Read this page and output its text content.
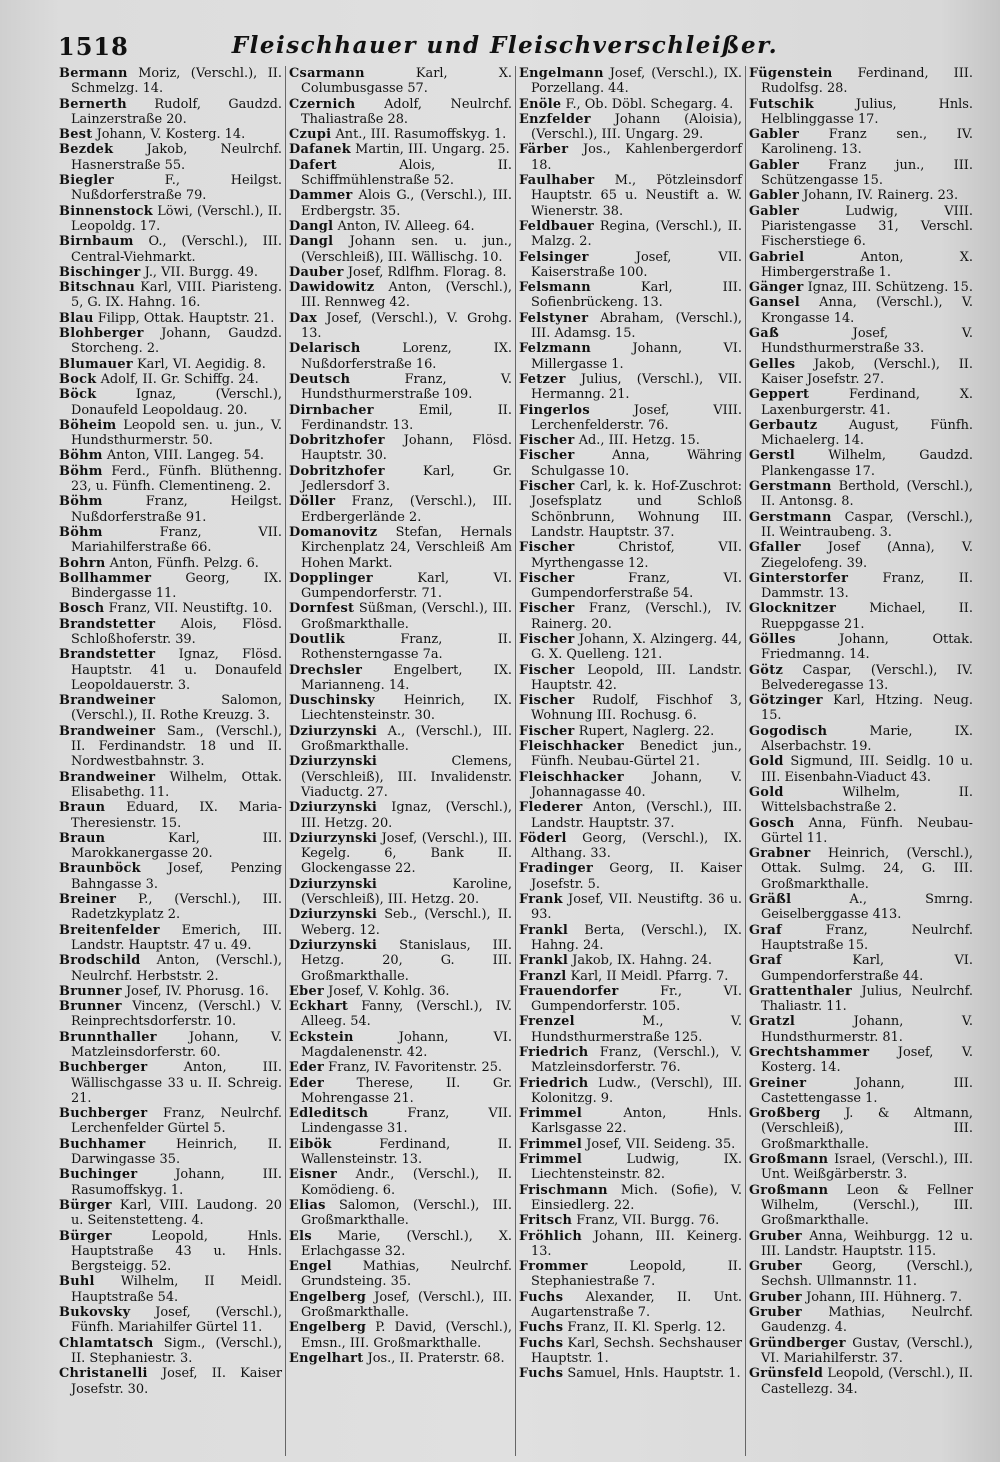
1518	Fleischhauer und Fleischverschleißer.

Bermann Moriz, (Verschl.), II. Schmelzg. 14.

Bernerth Rudolf, Gaudzd. Lainzerstraße 20.

Best Johann, V. Kosterg. 14.

Bezdek	Jakob, Neulrchf. Hasnerstraße 55.

Biegler	F., Heilgst. Nußdorferstraße 79.

Binnenstock Löwi, (Verschl.), II. Leopoldg. 17.

Birnbaum O., (Verschl.), III. Central-Viehmarkt.

Bischinger J., VII. Burgg. 49.

Bitschnau Karl, VIII. Piaristeng. 5, G. IX. Hahng. 16.

Blau Filipp, Ottak. Hauptstr. 21.

Blohberger Johann, Gaudzd. Storcheng. 2.

Blumauer Karl, VI. Aegidig. 8.

Bock Adolf, II. Gr. Schiffg. 24.

Böck	Ignaz, (Verschl.), Donaufeld Leopoldaug. 20.

Böheim Leopold sen. u. jun., V. Hundsthurmerstr. 50.

Böhm Anton, VIII. Langeg. 54.

Böhm Ferd., Fünfh. Blüthenng. 23, u. Fünfh. Clementineng. 2.

Böhm	Franz, Heilgst. Nußdorferstraße 91.

Böhm	Franz, VII. Mariahilferstraße 66.

Bohrn Anton, Fünfh. Pelzg. 6.

Bollhammer	Georg, IX. Bindergasse 11.

Bosch Franz, VII. Neustiftg. 10.

Brandstetter Alois, Flösd. Schloßhoferstr. 39.

Brandstetter Ignaz, Flösd. Hauptstr. 41 u. Donaufeld Leopoldauerstr. 3.

Brandweiner	Salomon, (Verschl.), II. Rothe Kreuzg. 3.

Brandweiner Sam., (Verschl.), II. Ferdinandstr. 18 und II. Nordwestbahnstr. 3.

Brandweiner Wilhelm, Ottak. Elisabethg. 11.

Braun Eduard, IX. Maria-Theresienstr. 15.

Braun	Karl, III. Marokkanergasse 20.

Braunböck Josef, Penzing Bahngasse 3.

Breiner P., (Verschl.), III. Radetzkyplatz 2.

Breitenfelder Emerich, III. Landstr. Hauptstr. 47 u. 49.

Brodschild Anton, (Verschl.), Neulrchf. Herbststr. 2.

Brunner Josef, IV. Phorusg. 16.

Brunner Vincenz, (Verschl.) V. Reinprechtsdorferstr. 10.

Brunnthaller Johann, V. Matzleinsdorferstr. 60.

Buchberger	Anton, III. Wällischgasse 33 u. II. Schreig. 21.

Buchberger Franz, Neulrchf. Lerchenfelder Gürtel 5.

Buchhamer Heinrich, II. Darwingasse 35.

Buchinger	Johann, III. Rasumoffskyg. 1.

Bürger Karl, VIII. Laudong. 20 u. Seitenstetteng. 4.

Bürger	Leopold, Hnls. Hauptstraße 43 u. Hnls. Bergsteigg. 52.

Buhl Wilhelm, II Meidl. Hauptstraße 54.

Bukovsky Josef, (Verschl.), Fünfh. Mariahilfer Gürtel 11.

Chlamtatsch Sigm., (Verschl.), II. Stephaniestr. 3.

Christanelli Josef, II. Kaiser Josefstr. 30.

Csarmann	Karl, X. Columbusgasse 57.

Czernich Adolf, Neulrchf. Thaliastraße 28.

Czupi Ant., III. Rasumoffskyg. 1.

Dafanek Martin, III. Ungarg. 25.

Dafert	Alois, II. Schiffmühlenstraße 52.

Dammer Alois G., (Verschl.), III. Erdbergstr. 35.

Dangl Anton, IV. Alleeg. 64.

Dangl Johann sen. u. jun., (Verschleiß), III. Wällischg. 10.

Dauber Josef, Rdlfhm. Florag. 8.

Dawidowitz Anton, (Verschl.), III. Rennweg 42.

Dax Josef, (Verschl.), V. Grohg. 13.

Delarisch	Lorenz, IX. Nußdorferstraße 16.

Deutsch	Franz, V. Hundsthurmerstraße 109.

Dirnbacher	Emil, II. Ferdinandstr. 13.

Dobritzhofer Johann, Flösd. Hauptstr. 30.

Dobritzhofer	Karl, Gr. Jedlersdorf 3.

Döller Franz, (Verschl.), III. Erdbergerlände 2.

Domanovitz Stefan, Hernals Kirchenplatz 24, Verschleiß Am Hohen Markt.

Dopplinger	Karl, VI. Gumpendorferstr. 71.

Dornfest Süßman, (Verschl.), III. Großmarkthalle.

Doutlik	Franz, II. Rothensterngasse 7a.

Drechsler Engelbert, IX. Marianneng. 14.

Duschinsky Heinrich, IX. Liechtensteinstr. 30.

Dziurzynski A., (Verschl.), III. Großmarkthalle.

Dziurzynski	Clemens, (Verschleiß), III. Invalidenstr. Viaductg. 27.

Dziurzynski Ignaz, (Verschl.), III. Hetzg. 20.

Dziurzynski Josef, (Verschl.), III. Kegelg. 6, Bank II. Glockengasse 22.

Dziurzynski	Karoline, (Verschleiß), III. Hetzg. 20.

Dziurzynski Seb., (Verschl.), II. Weberg. 12.

Dziurzynski Stanislaus, III. Hetzg. 20, G. III. Großmarkthalle.

Eber Josef, V. Kohlg. 36.

Eckhart Fanny, (Verschl.), IV. Alleeg. 54.

Eckstein	Johann, VI. Magdalenenstr. 42.

Eder Franz, IV. Favoritenstr. 25.

Eder	Therese, II. Gr. Mohrengasse 21.

Edleditsch	Franz, VII. Lindengasse 31.

Eibök	Ferdinand, II. Wallensteinstr. 13.

Eisner Andr., (Verschl.), II. Komödieng. 6.

Elias Salomon, (Verschl.), III. Großmarkthalle.

Els Marie, (Verschl.), X. Erlachgasse 32.

Engel Mathias, Neulrchf. Grundsteing. 35.

Engelberg Josef, (Verschl.), III. Großmarkthalle.

Engelberg P. David, (Verschl.), Emsn., III. Großmarkthalle.

Engelhart Jos., II. Praterstr. 68.

Engelmann Josef, (Verschl.), IX. Porzellang. 44.

Enöle F., Ob. Döbl. Schegarg. 4.

Enzfelder Johann (Aloisia), (Verschl.), III. Ungarg. 29.

Färber Jos., Kahlenbergerdorf 18.

Faulhaber M., Pötzleinsdorf Hauptstr. 65 u. Neustift a. W. Wienerstr. 38.

Feldbauer Regina, (Verschl.), II. Malzg. 2.

Felsinger	Josef, VII. Kaiserstraße 100.

Felsmann	Karl, III. Sofienbrückeng. 13.

Felstyner Abraham, (Verschl.), III. Adamsg. 15.

Felzmann	Johann, VI. Millergasse 1.

Fetzer Julius, (Verschl.), VII. Hermanng. 21.

Fingerlos	Josef, VIII. Lerchenfelderstr. 76.

Fischer Ad., III. Hetzg. 15.

Fischer	Anna, Währing Schulgasse 10.

Fischer Carl, k. k. Hof-Zuschrot: Josefsplatz und Schloß Schönbrunn, Wohnung III. Landstr. Hauptstr. 37.

Fischer	Christof, VII. Myrthengasse 12.

Fischer	Franz, VI. Gumpendorferstraße 54.

Fischer Franz, (Verschl.), IV. Rainerg. 20.

Fischer Johann, X. Alzingerg. 44, G. X. Quelleng. 121.

Fischer Leopold, III. Landstr. Hauptstr. 42.

Fischer Rudolf, Fischhof 3, Wohnung III. Rochusg. 6.

Fischer Rupert, Naglerg. 22.

Fleischhacker Benedict jun., Fünfh. Neubau-Gürtel 21.

Fleischhacker Johann, V. Johannagasse 40.

Flederer Anton, (Verschl.), III. Landstr. Hauptstr. 37.

Föderl Georg, (Verschl.), IX. Althang. 33.

Fradinger Georg, II. Kaiser Josefstr. 5.

Frank Josef, VII. Neustiftg. 36 u. 93.

Frankl Berta, (Verschl.), IX. Hahng. 24.

Frankl Jakob, IX. Hahng. 24.

Franzl Karl, II Meidl. Pfarrg. 7.

Frauendorfer	Fr., VI. Gumpendorferstr. 105.

Frenzel	M., V. Hundsthurmerstraße 125.

Friedrich Franz, (Verschl.), V. Matzleinsdorferstr. 76.

Friedrich Ludw., (Verschl), III. Kolonitzg. 9.

Frimmel	Anton, Hnls. Karlsgasse 22.

Frimmel Josef, VII. Seideng. 35.

Frimmel	Ludwig, IX. Liechtensteinstr. 82.

Frischmann Mich. (Sofie), V. Einsiedlerg. 22.

Fritsch Franz, VII. Burgg. 76.

Fröhlich Johann, III. Keinerg. 13.

Frommer	Leopold, II. Stephaniestraße 7.

Fuchs Alexander, II. Unt. Augartenstraße 7.

Fuchs Franz, II. Kl. Sperlg. 12.

Fuchs Karl, Sechsh. Sechshauser Hauptstr. 1.

Fuchs Samuel, Hnls. Hauptstr. 1.

Fügenstein Ferdinand, III. Rudolfsg. 28.

Futschik	Julius, Hnls. Helblinggasse 17.

Gabler Franz sen., IV. Karolineng. 13.

Gabler Franz jun., III. Schützengasse 15.

Gabler Johann, IV. Rainerg. 23.

Gabler	Ludwig, VIII. Piaristengasse 31, Verschl. Fischerstiege 6.

Gabriel	Anton, X. Himbergerstraße 1.

Gänger Ignaz, III. Schützeng. 15.

Gansel Anna, (Verschl.), V. Krongasse 14.

Gaß	Josef, V. Hundsthurmerstraße 33.

Gelles Jakob, (Verschl.), II. Kaiser Josefstr. 27.

Geppert	Ferdinand, X. Laxenburgerstr. 41.

Gerbautz August, Fünfh. Michaelerg. 14.

Gerstl	Wilhelm, Gaudzd. Plankengasse 17.

Gerstmann Berthold, (Verschl.), II. Antonsg. 8.

Gerstmann Caspar, (Verschl.), II. Weintraubeng. 3.

Gfaller Josef (Anna), V. Ziegelofeng. 39.

Ginterstorfer	Franz, II. Dammstr. 13.

Glocknitzer	Michael, II. Rueppgasse 21.

Gölles	Johann, Ottak. Friedmanng. 14.

Götz Caspar, (Verschl.), IV. Belvederegasse 13.

Götzinger Karl, Htzing. Neug. 15.

Gogodisch	Marie, IX. Alserbachstr. 19.

Gold Sigmund, III. Seidlg. 10 u. III. Eisenbahn-Viaduct 43.

Gold	Wilhelm, II. Wittelsbachstraße 2.

Gosch Anna, Fünfh. Neubau-Gürtel 11.

Grabner Heinrich, (Verschl.), Ottak. Sulmg. 24, G. III. Großmarkthalle.

Gräßl	A., Smrng. Geiselberggasse 413.

Graf	Franz, Neulrchf. Hauptstraße 15.

Graf	Karl, VI. Gumpendorferstraße 44.

Grattenthaler Julius, Neulrchf. Thaliastr. 11.

Gratzl	Johann, V. Hundsthurmerstr. 81.

Grechtshammer Josef, V. Kosterg. 14.

Greiner	Johann, III. Castettengasse 1.

Großberg J. & Altmann, (Verschleiß), III. Großmarkthalle.

Großmann Israel, (Verschl.), III. Unt. Weißgärberstr. 3.

Großmann Leon & Fellner Wilhelm, (Verschl.), III. Großmarkthalle.

Gruber Anna, Weihburgg. 12 u. III. Landstr. Hauptstr. 115.

Gruber Georg, (Verschl.), Sechsh. Ullmannstr. 11.

Gruber Johann, III. Hühnerg. 7.

Gruber Mathias, Neulrchf. Gaudenzg. 4.

Gründberger Gustav, (Verschl.), VI. Mariahilferstr. 37.

Grünsfeld Leopold, (Verschl.), II. Castellezg. 34.
